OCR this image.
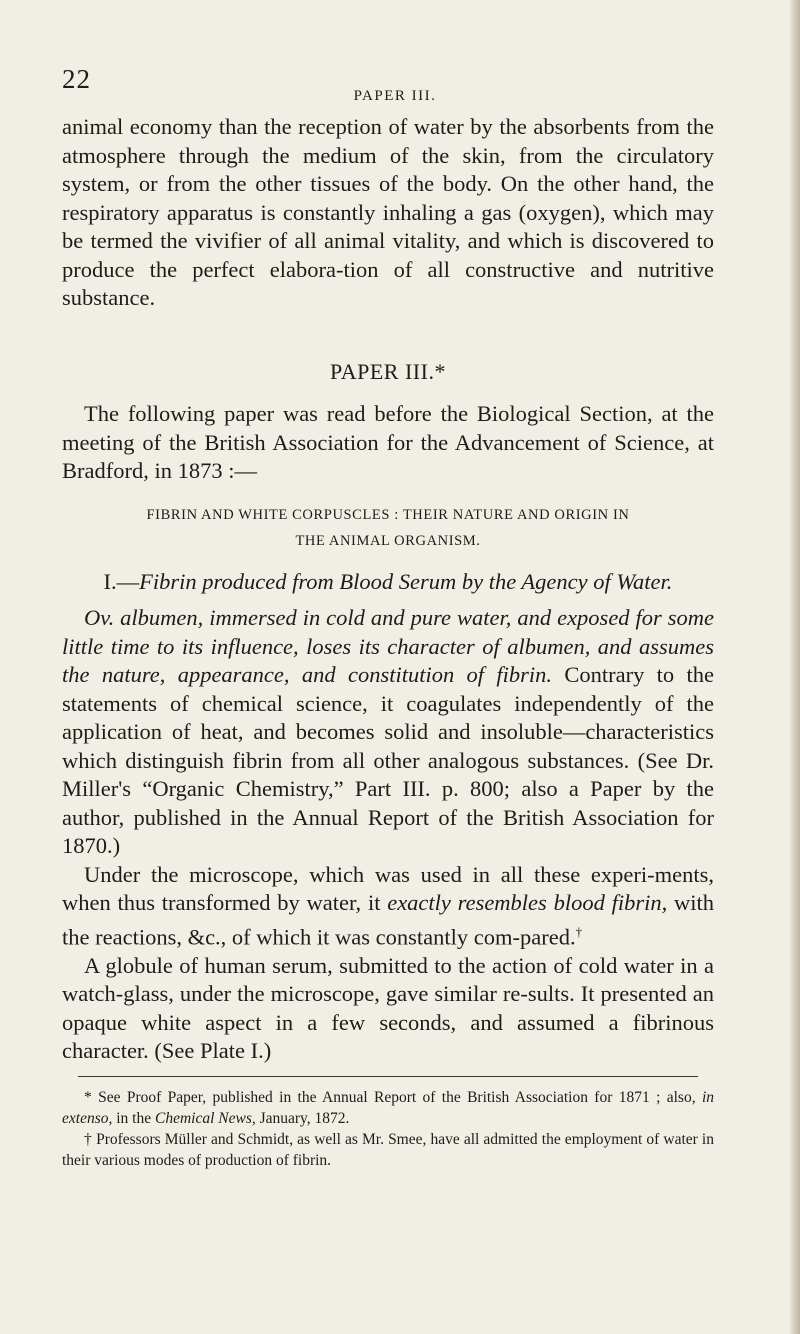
22
PAPER III.

animal economy than the reception of water by the absorbents from the atmosphere through the medium of the skin, from the circulatory system, or from the other tissues of the body. On the other hand, the respiratory apparatus is constantly inhaling a gas (oxygen), which may be termed the vivifier of all animal vitality, and which is discovered to produce the perfect elabora-tion of all constructive and nutritive substance.

PAPER III.*

The following paper was read before the Biological Section, at the meeting of the British Association for the Advancement of Science, at Bradford, in 1873 :—

FIBRIN AND WHITE CORPUSCLES : THEIR NATURE AND ORIGIN IN
THE ANIMAL ORGANISM.
I.—Fibrin produced from Blood Serum by the Agency of Water.

Ov. albumen, immersed in cold and pure water, and exposed for some little time to its influence, loses its character of albumen, and assumes the nature, appearance, and constitution of fibrin. Contrary to the statements of chemical science, it coagulates independently of the application of heat, and becomes solid and insoluble—characteristics which distinguish fibrin from all other analogous substances. (See Dr. Miller's “Organic Chemistry,” Part III. p. 800; also a Paper by the author, published in the Annual Report of the British Association for 1870.)

Under the microscope, which was used in all these experi-ments, when thus transformed by water, it exactly resembles blood fibrin, with the reactions, &c., of which it was constantly com-pared.†

A globule of human serum, submitted to the action of cold water in a watch-glass, under the microscope, gave similar re-sults. It presented an opaque white aspect in a few seconds, and assumed a fibrinous character. (See Plate I.)

* See Proof Paper, published in the Annual Report of the British Association for 1871 ; also, in extenso, in the Chemical News, January, 1872.

† Professors Müller and Schmidt, as well as Mr. Smee, have all admitted the employment of water in their various modes of production of fibrin.
